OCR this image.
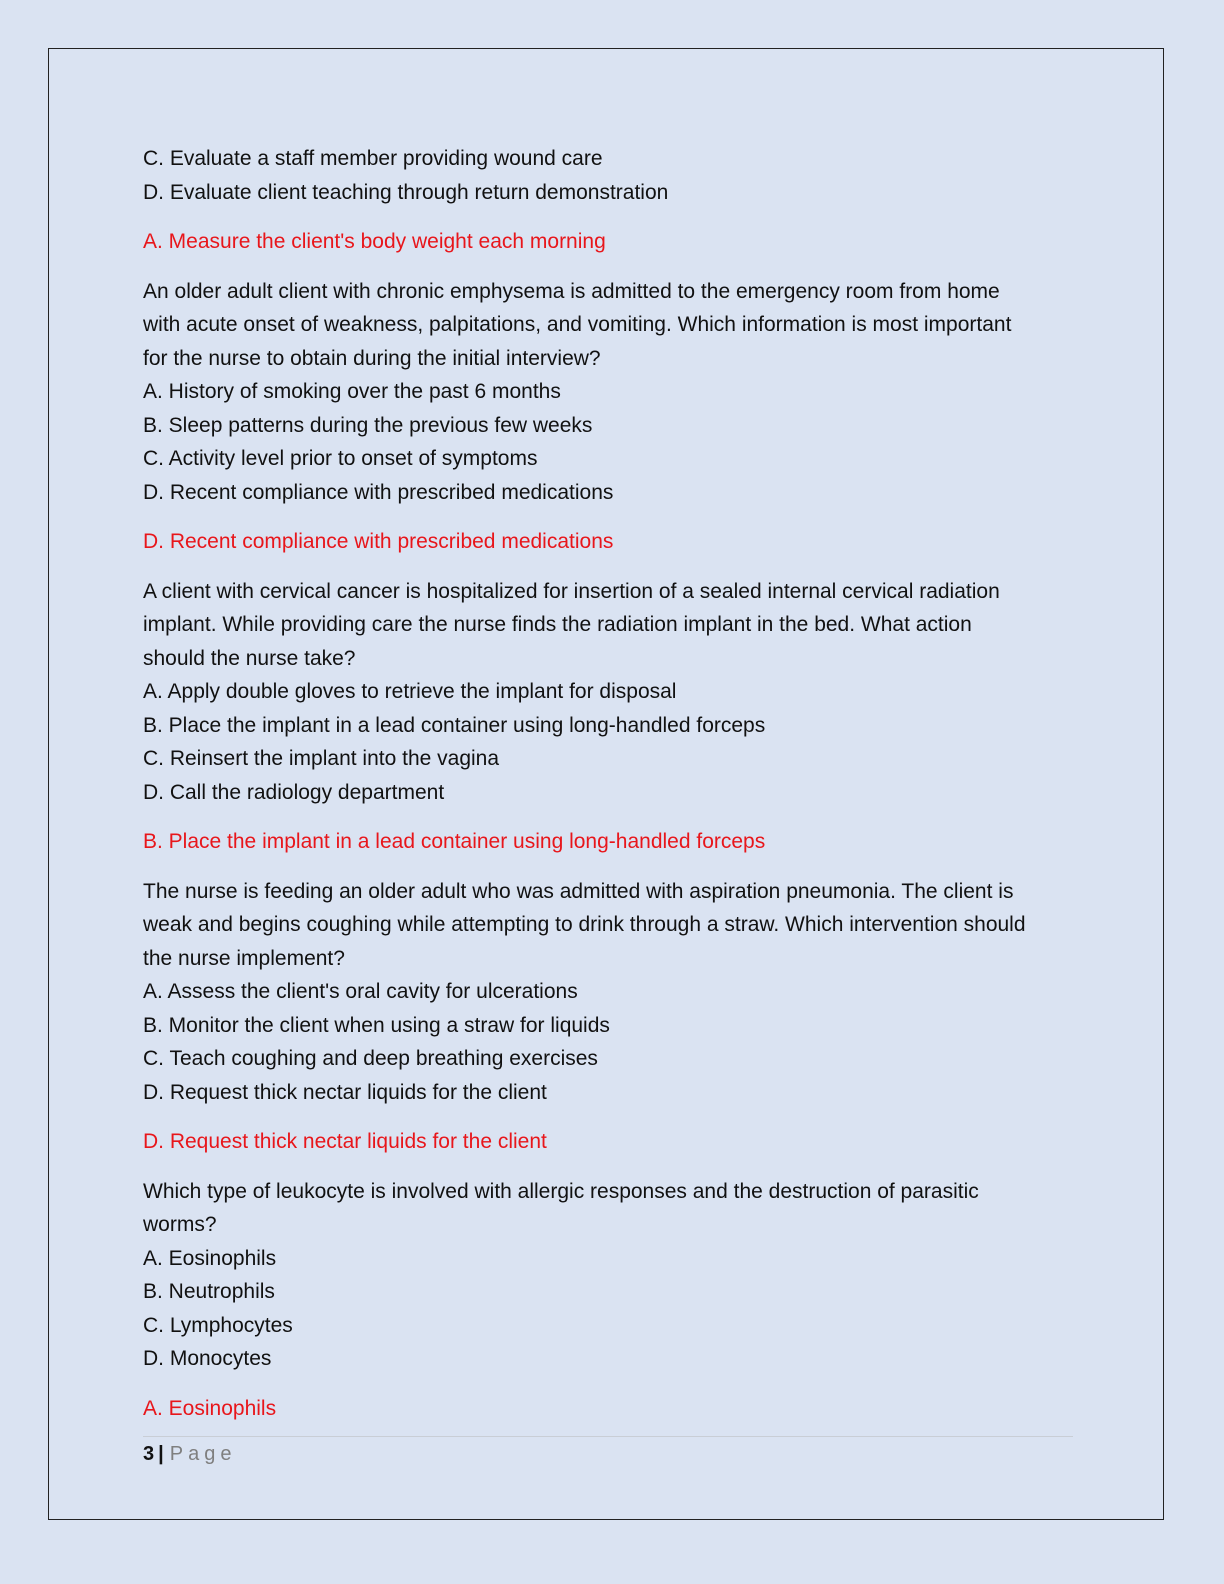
C. Evaluate a staff member providing wound care
D. Evaluate client teaching through return demonstration
A. Measure the client's body weight each morning
An older adult client with chronic emphysema is admitted to the emergency room from home
with acute onset of weakness, palpitations, and vomiting. Which information is most important
for the nurse to obtain during the initial interview?
A. History of smoking over the past 6 months
B. Sleep patterns during the previous few weeks
C. Activity level prior to onset of symptoms
D. Recent compliance with prescribed medications
D. Recent compliance with prescribed medications
A client with cervical cancer is hospitalized for insertion of a sealed internal cervical radiation
implant. While providing care the nurse finds the radiation implant in the bed. What action
should the nurse take?
A. Apply double gloves to retrieve the implant for disposal
B. Place the implant in a lead container using long-handled forceps
C. Reinsert the implant into the vagina
D. Call the radiology department
B. Place the implant in a lead container using long-handled forceps
The nurse is feeding an older adult who was admitted with aspiration pneumonia. The client is
weak and begins coughing while attempting to drink through a straw. Which intervention should
the nurse implement?
A. Assess the client's oral cavity for ulcerations
B. Monitor the client when using a straw for liquids
C. Teach coughing and deep breathing exercises
D. Request thick nectar liquids for the client
D. Request thick nectar liquids for the client
Which type of leukocyte is involved with allergic responses and the destruction of parasitic
worms?
A. Eosinophils
B. Neutrophils
C. Lymphocytes
D. Monocytes
A. Eosinophils
3 | Page
